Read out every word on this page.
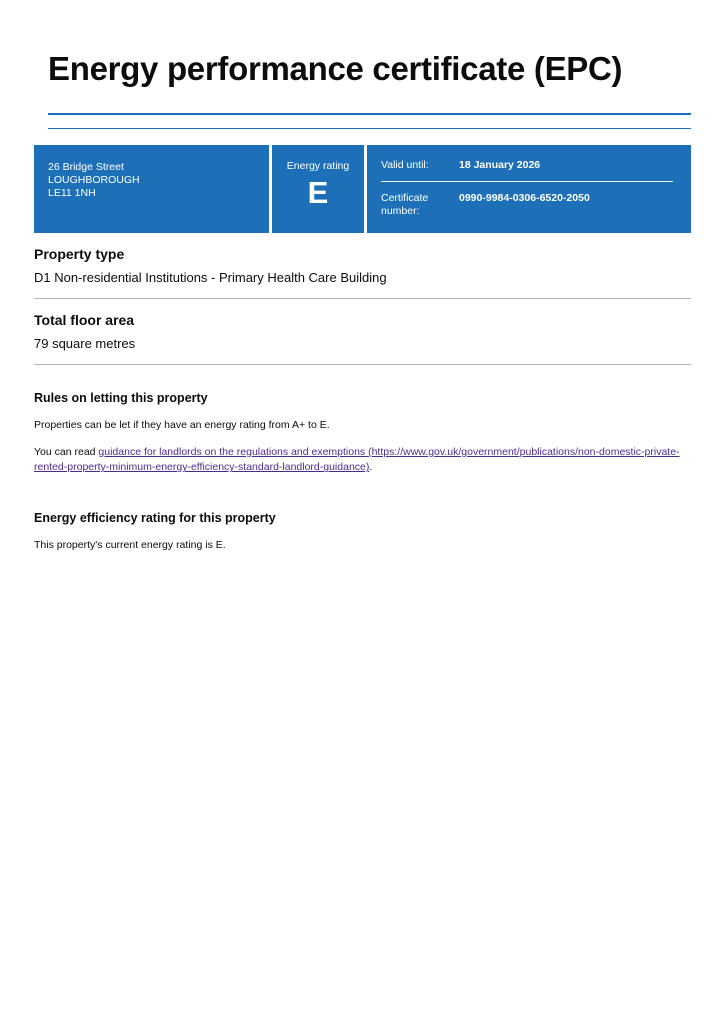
Energy performance certificate (EPC)
26 Bridge Street
LOUGHBOROUGH
LE11 1NH
Energy rating
E
Valid until:	18 January 2026
Certificate number:
0990-9984-0306-6520-2050
Property type

D1 Non-residential Institutions - Primary Health Care Building

Total floor area

79 square metres

Rules on letting this property

Properties can be let if they have an energy rating from A+ to E.

You can read guidance for landlords on the regulations and exemptions (https://www.gov.uk/government/publications/non-domestic-private-rented-property-minimum-energy-efficiency-standard-landlord-guidance).

Energy efficiency rating for this property

This property's current energy rating is E.
